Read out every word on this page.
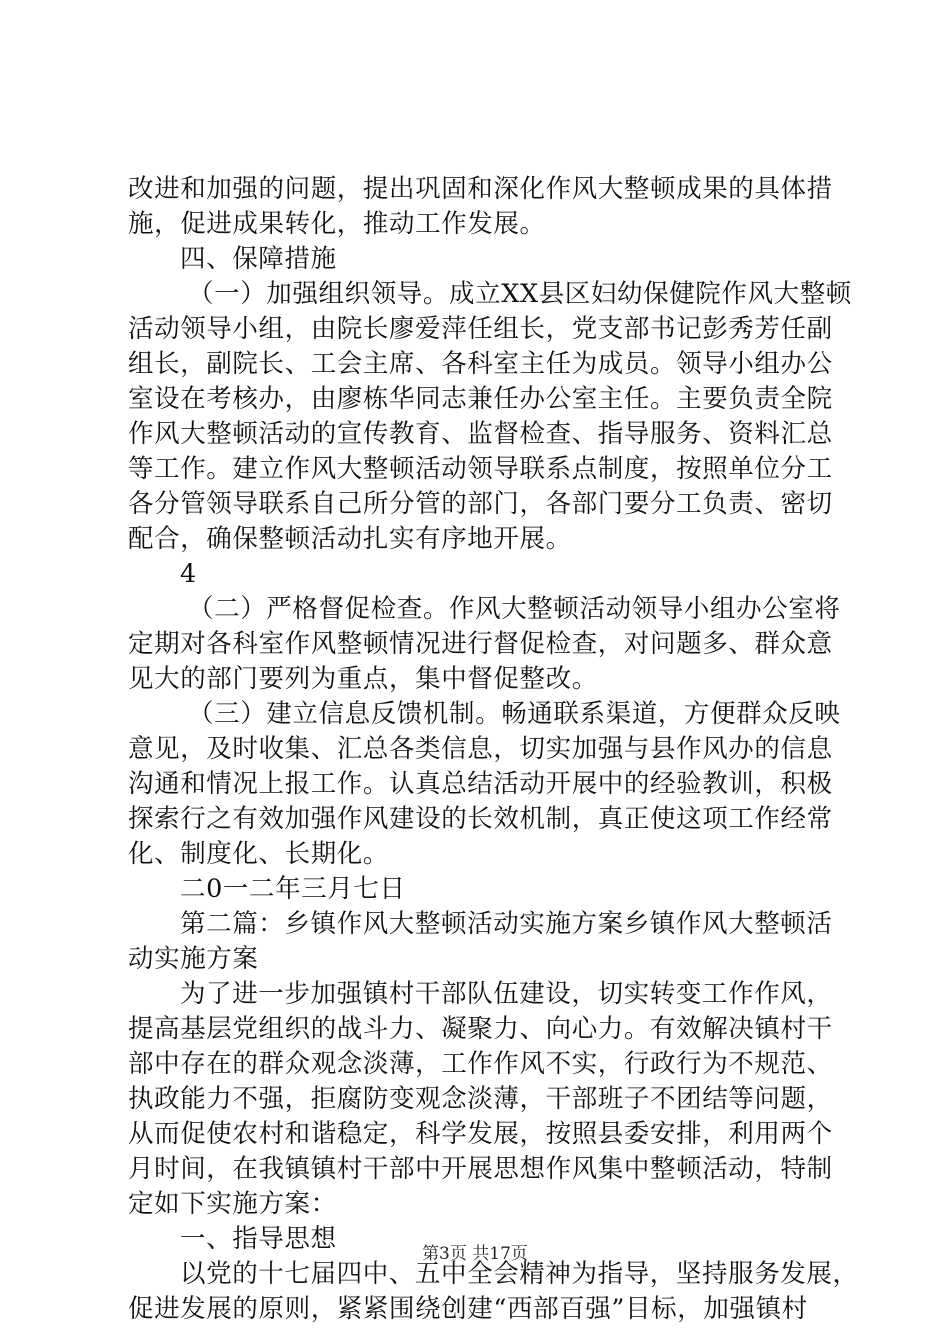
改进和加强的问题，提出巩固和深化作风大整顿成果的具体措
施，促进成果转化，推动工作发展。
四、保障措施
（一）加强组织领导。成立XX县区妇幼保健院作风大整顿
活动领导小组，由院长廖爱萍任组长，党支部书记彭秀芳任副
组长，副院长、工会主席、各科室主任为成员。领导小组办公
室设在考核办，由廖栋华同志兼任办公室主任。主要负责全院
作风大整顿活动的宣传教育、监督检查、指导服务、资料汇总
等工作。建立作风大整顿活动领导联系点制度，按照单位分工
各分管领导联系自己所分管的部门，各部门要分工负责、密切
配合，确保整顿活动扎实有序地开展。
4
（二）严格督促检查。作风大整顿活动领导小组办公室将
定期对各科室作风整顿情况进行督促检查，对问题多、群众意
见大的部门要列为重点，集中督促整改。
（三）建立信息反馈机制。畅通联系渠道，方便群众反映
意见，及时收集、汇总各类信息，切实加强与县作风办的信息
沟通和情况上报工作。认真总结活动开展中的经验教训，积极
探索行之有效加强作风建设的长效机制，真正使这项工作经常
化、制度化、长期化。
二0一二年三月七日
第二篇：乡镇作风大整顿活动实施方案乡镇作风大整顿活
动实施方案
为了进一步加强镇村干部队伍建设，切实转变工作作风，
提高基层党组织的战斗力、凝聚力、向心力。有效解决镇村干
部中存在的群众观念淡薄，工作作风不实，行政行为不规范、
执政能力不强，拒腐防变观念淡薄，干部班子不团结等问题，
从而促使农村和谐稳定，科学发展，按照县委安排，利用两个
月时间，在我镇镇村干部中开展思想作风集中整顿活动，特制
定如下实施方案：
一、指导思想
以党的十七届四中、五中全会精神为指导，坚持服务发展，
促进发展的原则，紧紧围绕创建“西部百强”目标，加强镇村
第3页 共17页
